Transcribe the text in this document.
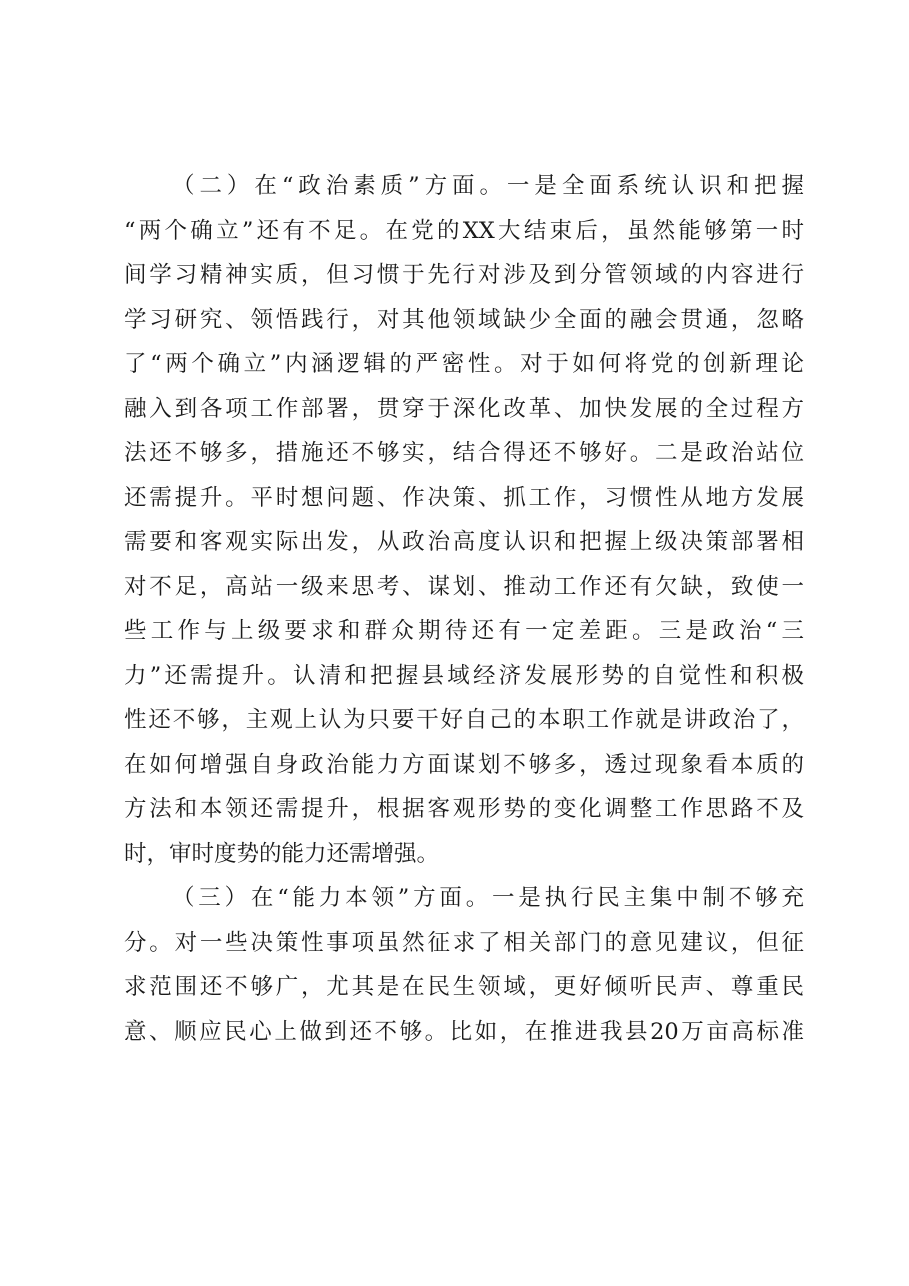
（二）在“政治素质”方面。一是全面系统认识和把握
“两个确立”还有不足。在党的XX大结束后，虽然能够第一时
间学习精神实质，但习惯于先行对涉及到分管领域的内容进行
学习研究、领悟践行，对其他领域缺少全面的融会贯通，忽略
了“两个确立”内涵逻辑的严密性。对于如何将党的创新理论
融入到各项工作部署，贯穿于深化改革、加快发展的全过程方
法还不够多，措施还不够实，结合得还不够好。二是政治站位
还需提升。平时想问题、作决策、抓工作，习惯性从地方发展
需要和客观实际出发，从政治高度认识和把握上级决策部署相
对不足，高站一级来思考、谋划、推动工作还有欠缺，致使一
些工作与上级要求和群众期待还有一定差距。三是政治“三
力”还需提升。认清和把握县域经济发展形势的自觉性和积极
性还不够，主观上认为只要干好自己的本职工作就是讲政治了，
在如何增强自身政治能力方面谋划不够多，透过现象看本质的
方法和本领还需提升，根据客观形势的变化调整工作思路不及
时，审时度势的能力还需增强。
（三）在“能力本领”方面。一是执行民主集中制不够充
分。对一些决策性事项虽然征求了相关部门的意见建议，但征
求范围还不够广，尤其是在民生领域，更好倾听民声、尊重民
意、顺应民心上做到还不够。比如，在推进我县20万亩高标准
